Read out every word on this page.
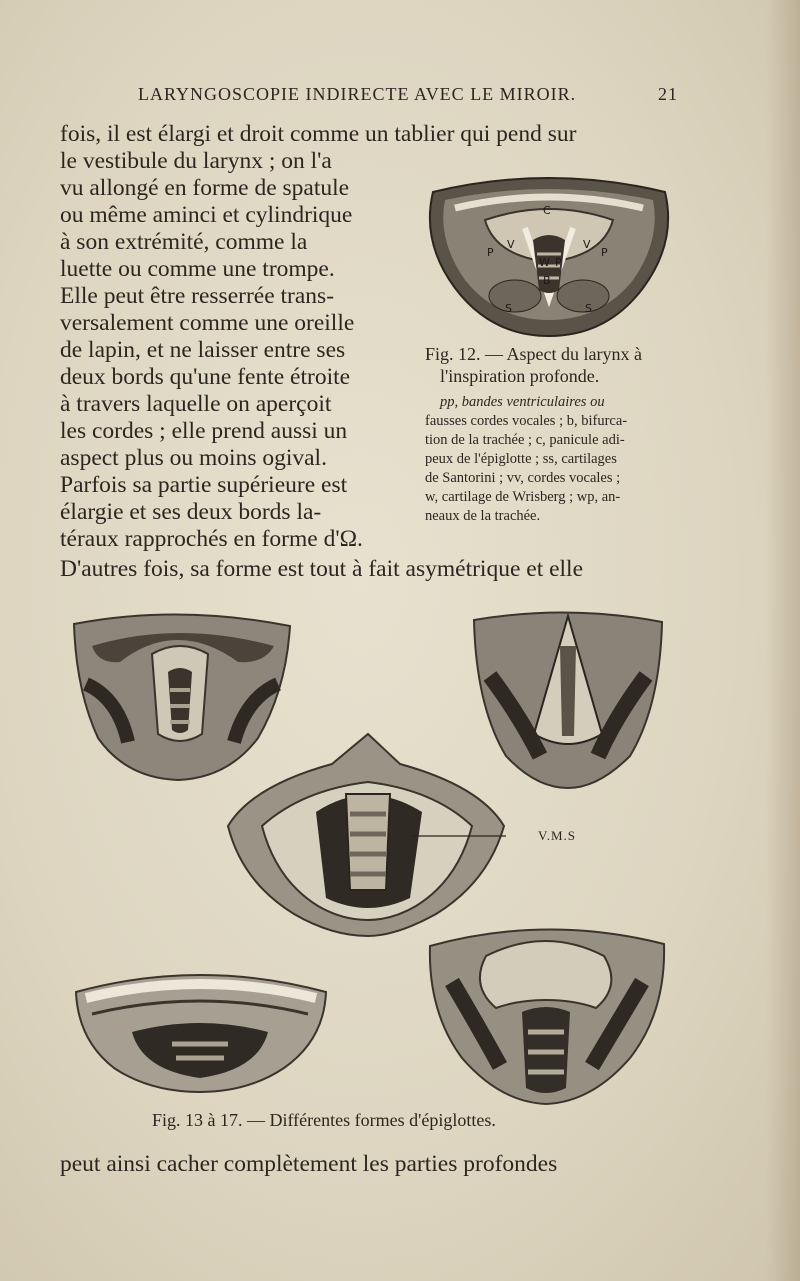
LARYNGOSCOPIE INDIRECTE AVEC LE MIROIR.	21
fois, il est élargi et droit comme un tablier qui pend sur
le vestibule du larynx ; on l'a
vu allongé en forme de spatule
ou même aminci et cylindrique
à son extrémité, comme la
luette ou comme une trompe.
Elle peut être resserrée trans-
versalement comme une oreille
de lapin, et ne laisser entre ses
deux bords qu'une fente étroite
à travers laquelle on aperçoit
les cordes ; elle prend aussi un
aspect plus ou moins ogival.
Parfois sa partie supérieure est
élargie et ses deux bords la-
téraux rapprochés en forme d'Ω.
D'autres fois, sa forme est tout à fait asymétrique et elle
C
V	V
P	P
W P
B
S	S
Fig. 12. — Aspect du larynx à
l'inspiration profonde.
pp, bandes ventriculaires ou
fausses cordes vocales ; b, bifurca-
tion de la trachée ; c, panicule adi-
peux de l'épiglotte ; ss, cartilages
de Santorini ; vv, cordes vocales ;
w, cartilage de Wrisberg ; wp, an-
neaux de la trachée.
V.M.S
Fig. 13 à 17. — Différentes formes d'épiglottes.
peut ainsi cacher complètement les parties profondes
